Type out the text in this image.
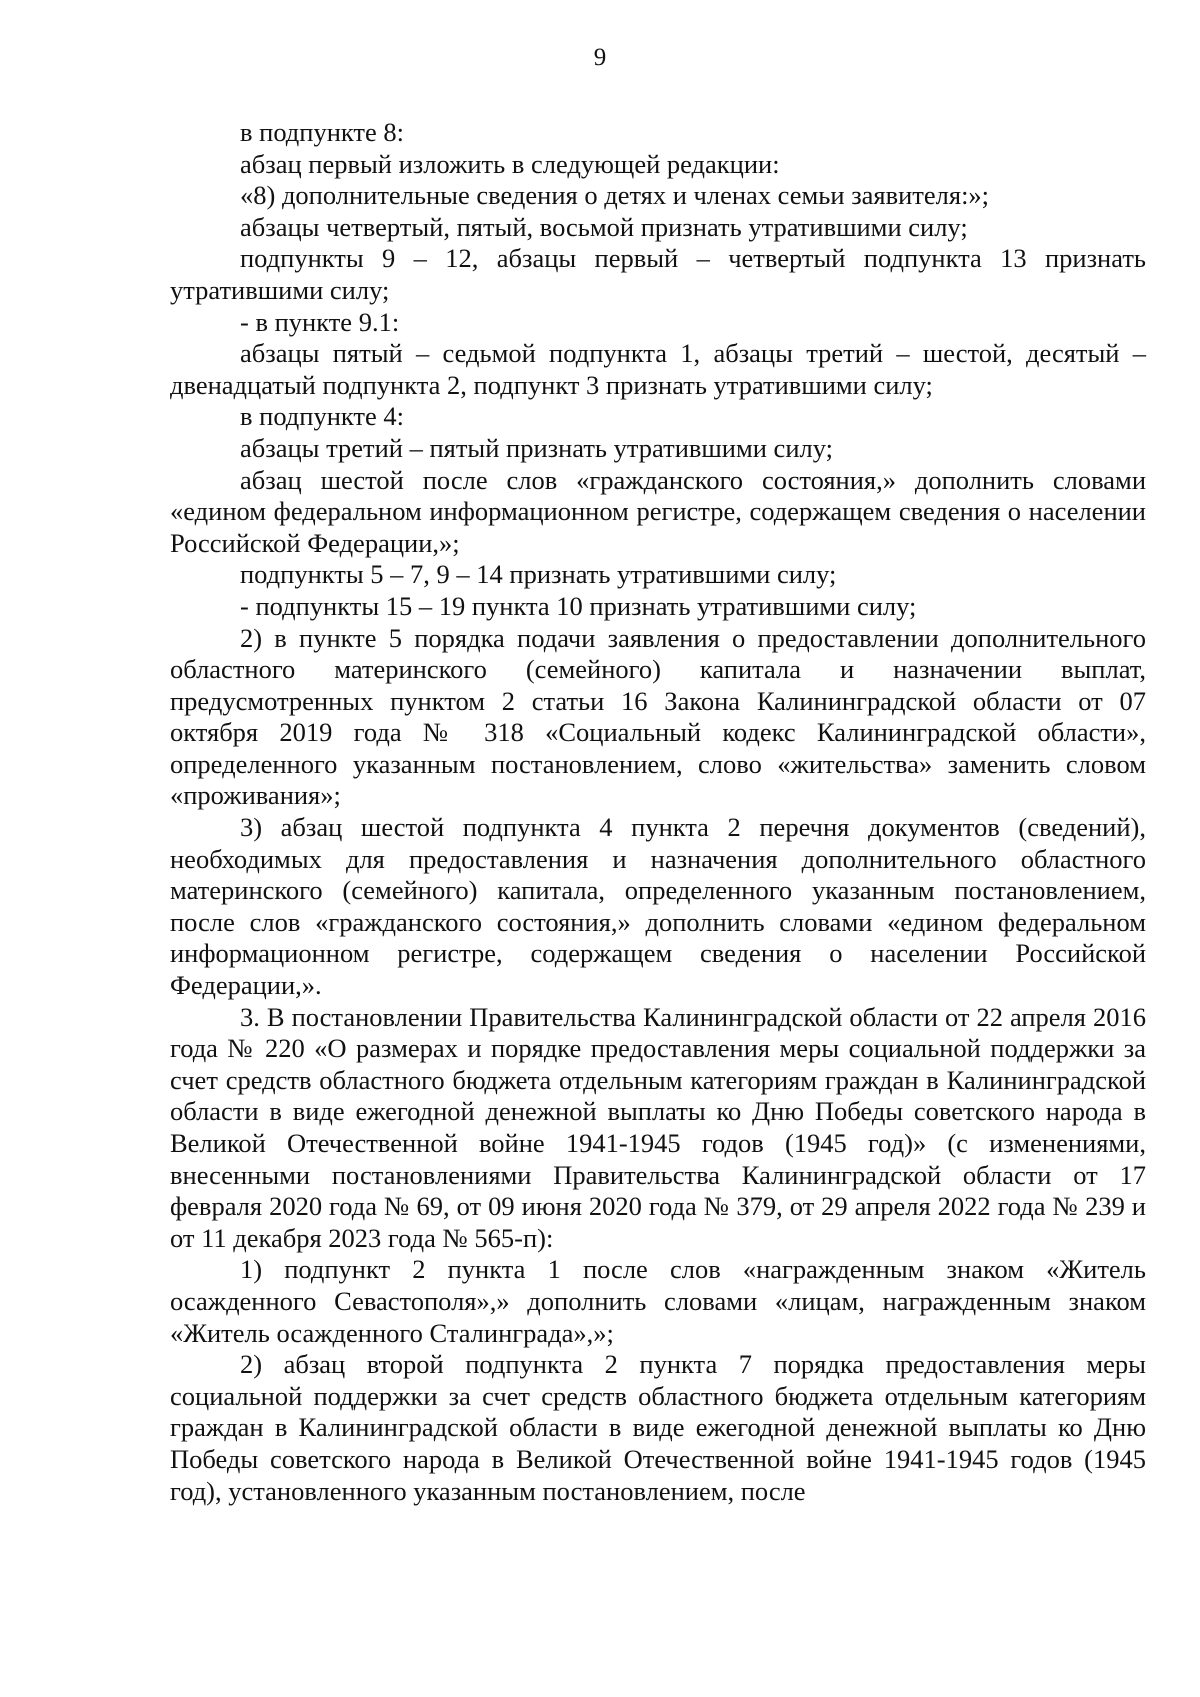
9

в подпункте 8:

абзац первый изложить в следующей редакции:

«8) дополнительные сведения о детях и членах семьи заявителя:»;

абзацы четвертый, пятый, восьмой признать утратившими силу;

подпункты 9 – 12, абзацы первый – четвертый подпункта 13 признать утратившими силу;

- в пункте 9.1:

абзацы пятый – седьмой подпункта 1, абзацы третий – шестой, десятый – двенадцатый подпункта 2, подпункт 3 признать утратившими силу;

в подпункте 4:

абзацы третий – пятый признать утратившими силу;

абзац шестой после слов «гражданского состояния,» дополнить словами «едином федеральном информационном регистре, содержащем сведения о населении Российской Федерации,»;

подпункты 5 – 7, 9 – 14 признать утратившими силу;

- подпункты 15 – 19 пункта 10 признать утратившими силу;

2) в пункте 5 порядка подачи заявления о предоставлении дополнительного областного материнского (семейного) капитала и назначении выплат, предусмотренных пунктом 2 статьи 16 Закона Калининградской области от 07 октября 2019 года № 318 «Социальный кодекс Калининградской области», определенного указанным постановлением, слово «жительства» заменить словом «проживания»;

3) абзац шестой подпункта 4 пункта 2 перечня документов (сведений), необходимых для предоставления и назначения дополнительного областного материнского (семейного) капитала, определенного указанным постановлением, после слов «гражданского состояния,» дополнить словами «едином федеральном информационном регистре, содержащем сведения о населении Российской Федерации,».

3. В постановлении Правительства Калининградской области от 22 апреля 2016 года № 220 «О размерах и порядке предоставления меры социальной поддержки за счет средств областного бюджета отдельным категориям граждан в Калининградской области в виде ежегодной денежной выплаты ко Дню Победы советского народа в Великой Отечественной войне 1941-1945 годов (1945 год)» (с изменениями, внесенными постановлениями Правительства Калининградской области от 17 февраля 2020 года № 69, от 09 июня 2020 года № 379, от 29 апреля 2022 года № 239 и от 11 декабря 2023 года № 565-п):

1) подпункт 2 пункта 1 после слов «награжденным знаком «Житель осажденного Севастополя»,» дополнить словами «лицам, награжденным знаком «Житель осажденного Сталинграда»,»;

2) абзац второй подпункта 2 пункта 7 порядка предоставления меры социальной поддержки за счет средств областного бюджета отдельным категориям граждан в Калининградской области в виде ежегодной денежной выплаты ко Дню Победы советского народа в Великой Отечественной войне 1941-1945 годов (1945 год), установленного указанным постановлением, после
